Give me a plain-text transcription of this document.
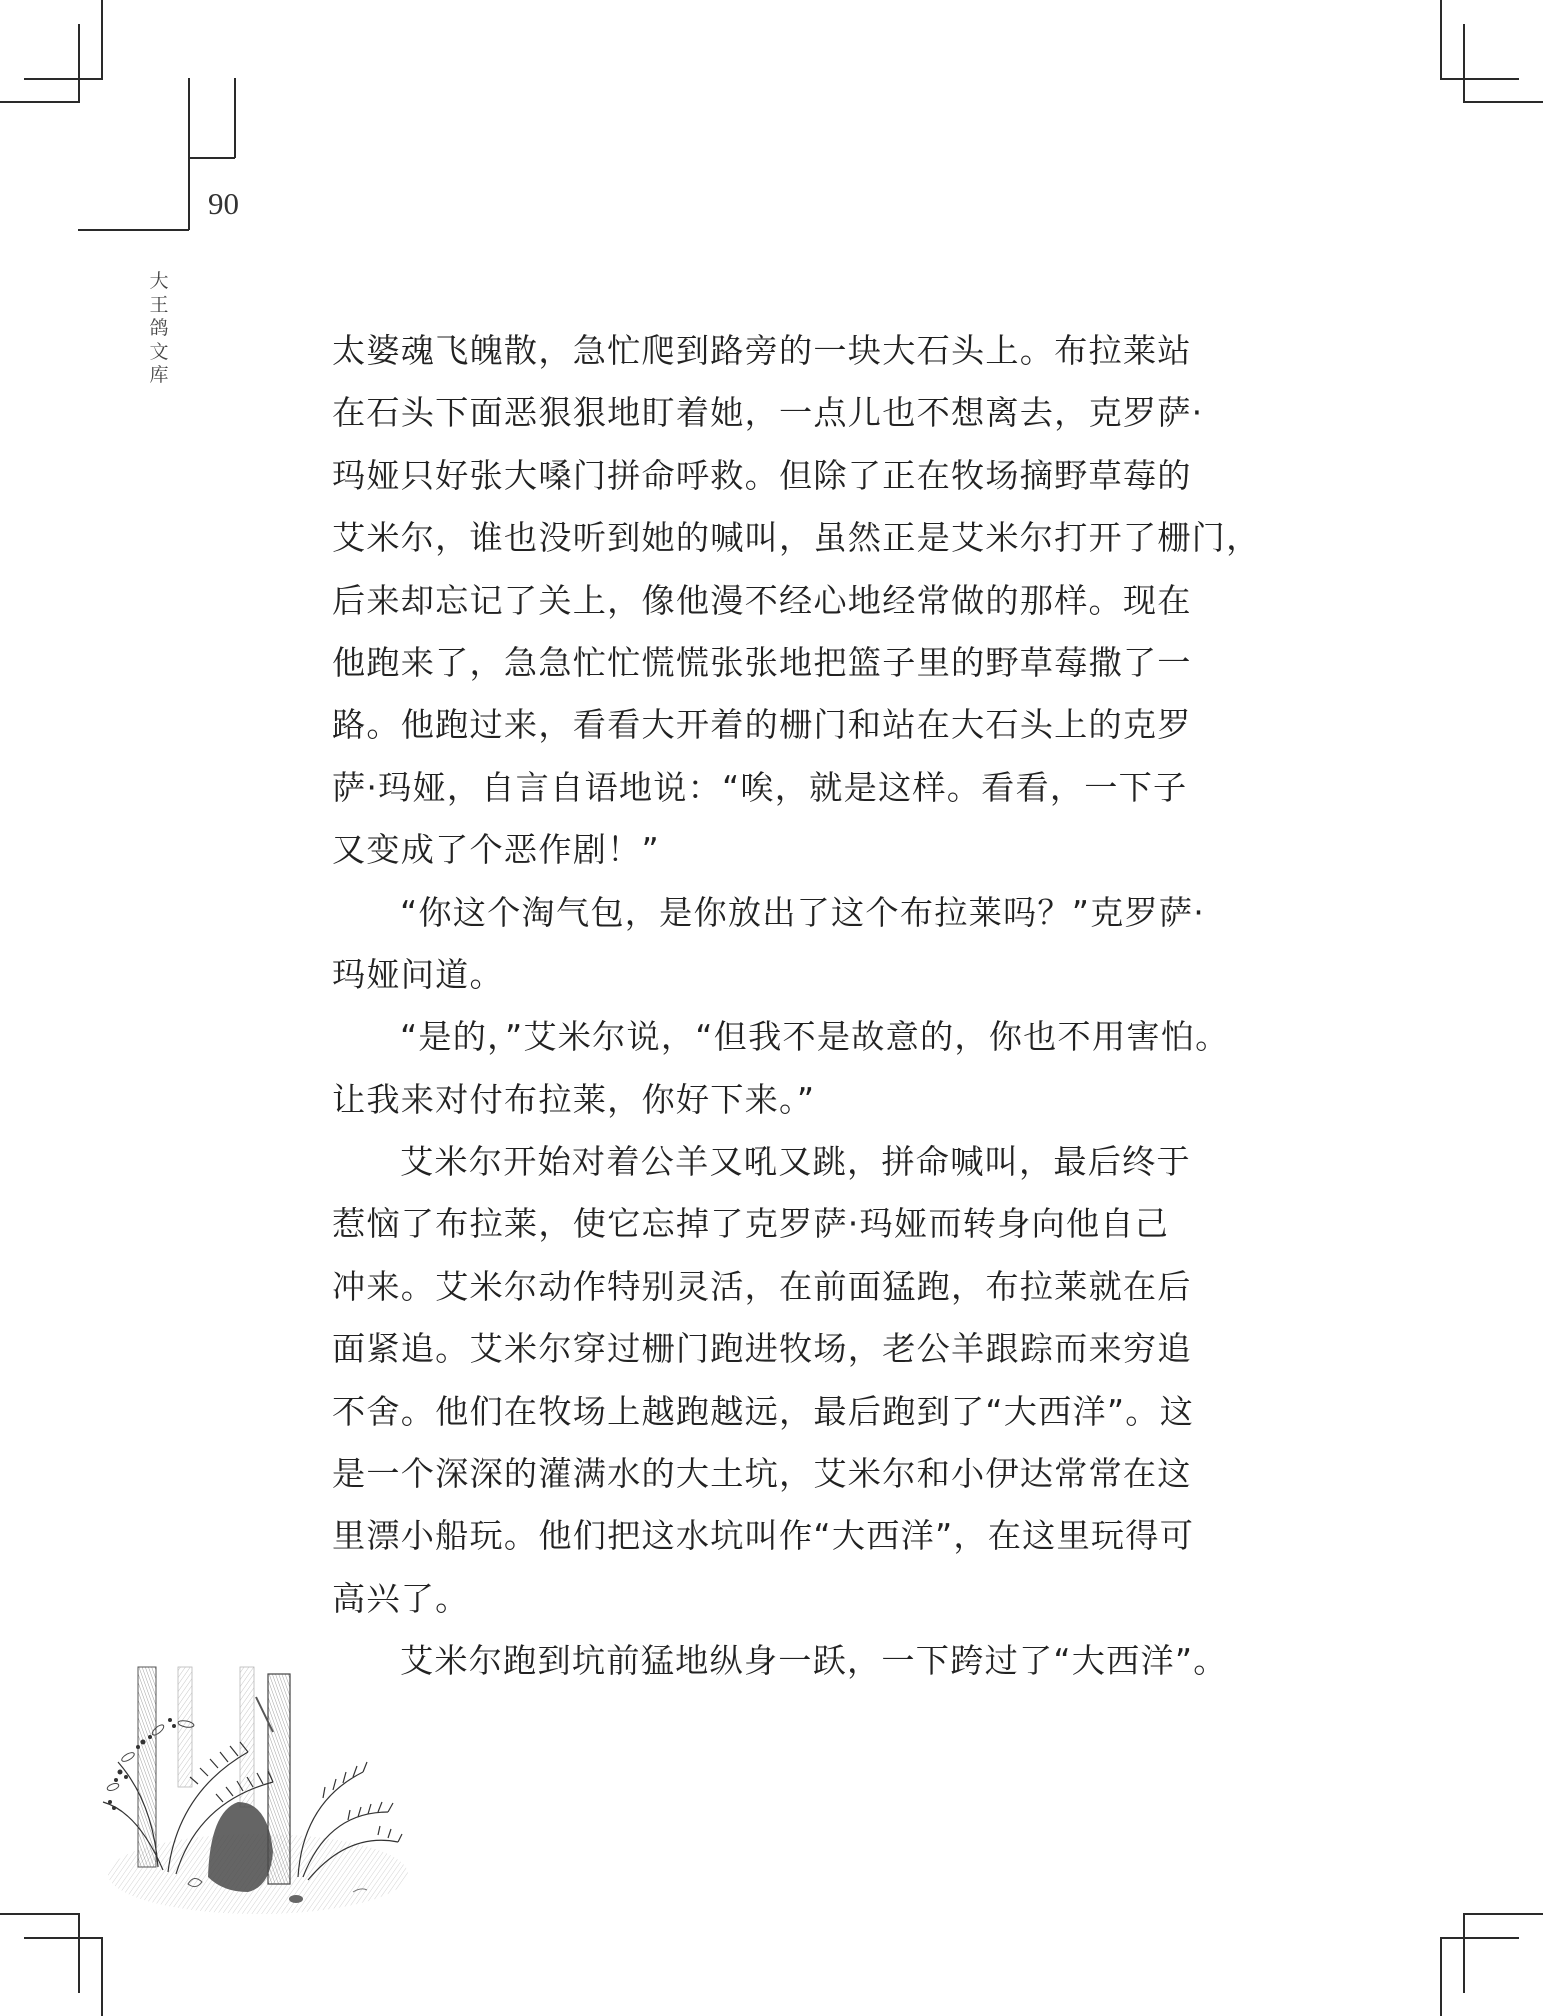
90
大王鸽文库
太婆魂飞魄散，急忙爬到路旁的一块大石头上。布拉莱站
在石头下面恶狠狠地盯着她，一点儿也不想离去，克罗萨·
玛娅只好张大嗓门拼命呼救。但除了正在牧场摘野草莓的
艾米尔，谁也没听到她的喊叫，虽然正是艾米尔打开了栅门，
后来却忘记了关上，像他漫不经心地经常做的那样。现在
他跑来了，急急忙忙慌慌张张地把篮子里的野草莓撒了一
路。他跑过来，看看大开着的栅门和站在大石头上的克罗
萨·玛娅，自言自语地说：“唉，就是这样。看看，一下子
又变成了个恶作剧！”
“你这个淘气包，是你放出了这个布拉莱吗？”克罗萨·
玛娅问道。
“是的，”艾米尔说，“但我不是故意的，你也不用害怕。
让我来对付布拉莱，你好下来。”
艾米尔开始对着公羊又吼又跳，拼命喊叫，最后终于
惹恼了布拉莱，使它忘掉了克罗萨·玛娅而转身向他自己
冲来。艾米尔动作特别灵活，在前面猛跑，布拉莱就在后
面紧追。艾米尔穿过栅门跑进牧场，老公羊跟踪而来穷追
不舍。他们在牧场上越跑越远，最后跑到了“大西洋”。这
是一个深深的灌满水的大土坑，艾米尔和小伊达常常在这
里漂小船玩。他们把这水坑叫作“大西洋”，在这里玩得可
高兴了。
艾米尔跑到坑前猛地纵身一跃，一下跨过了“大西洋”。
